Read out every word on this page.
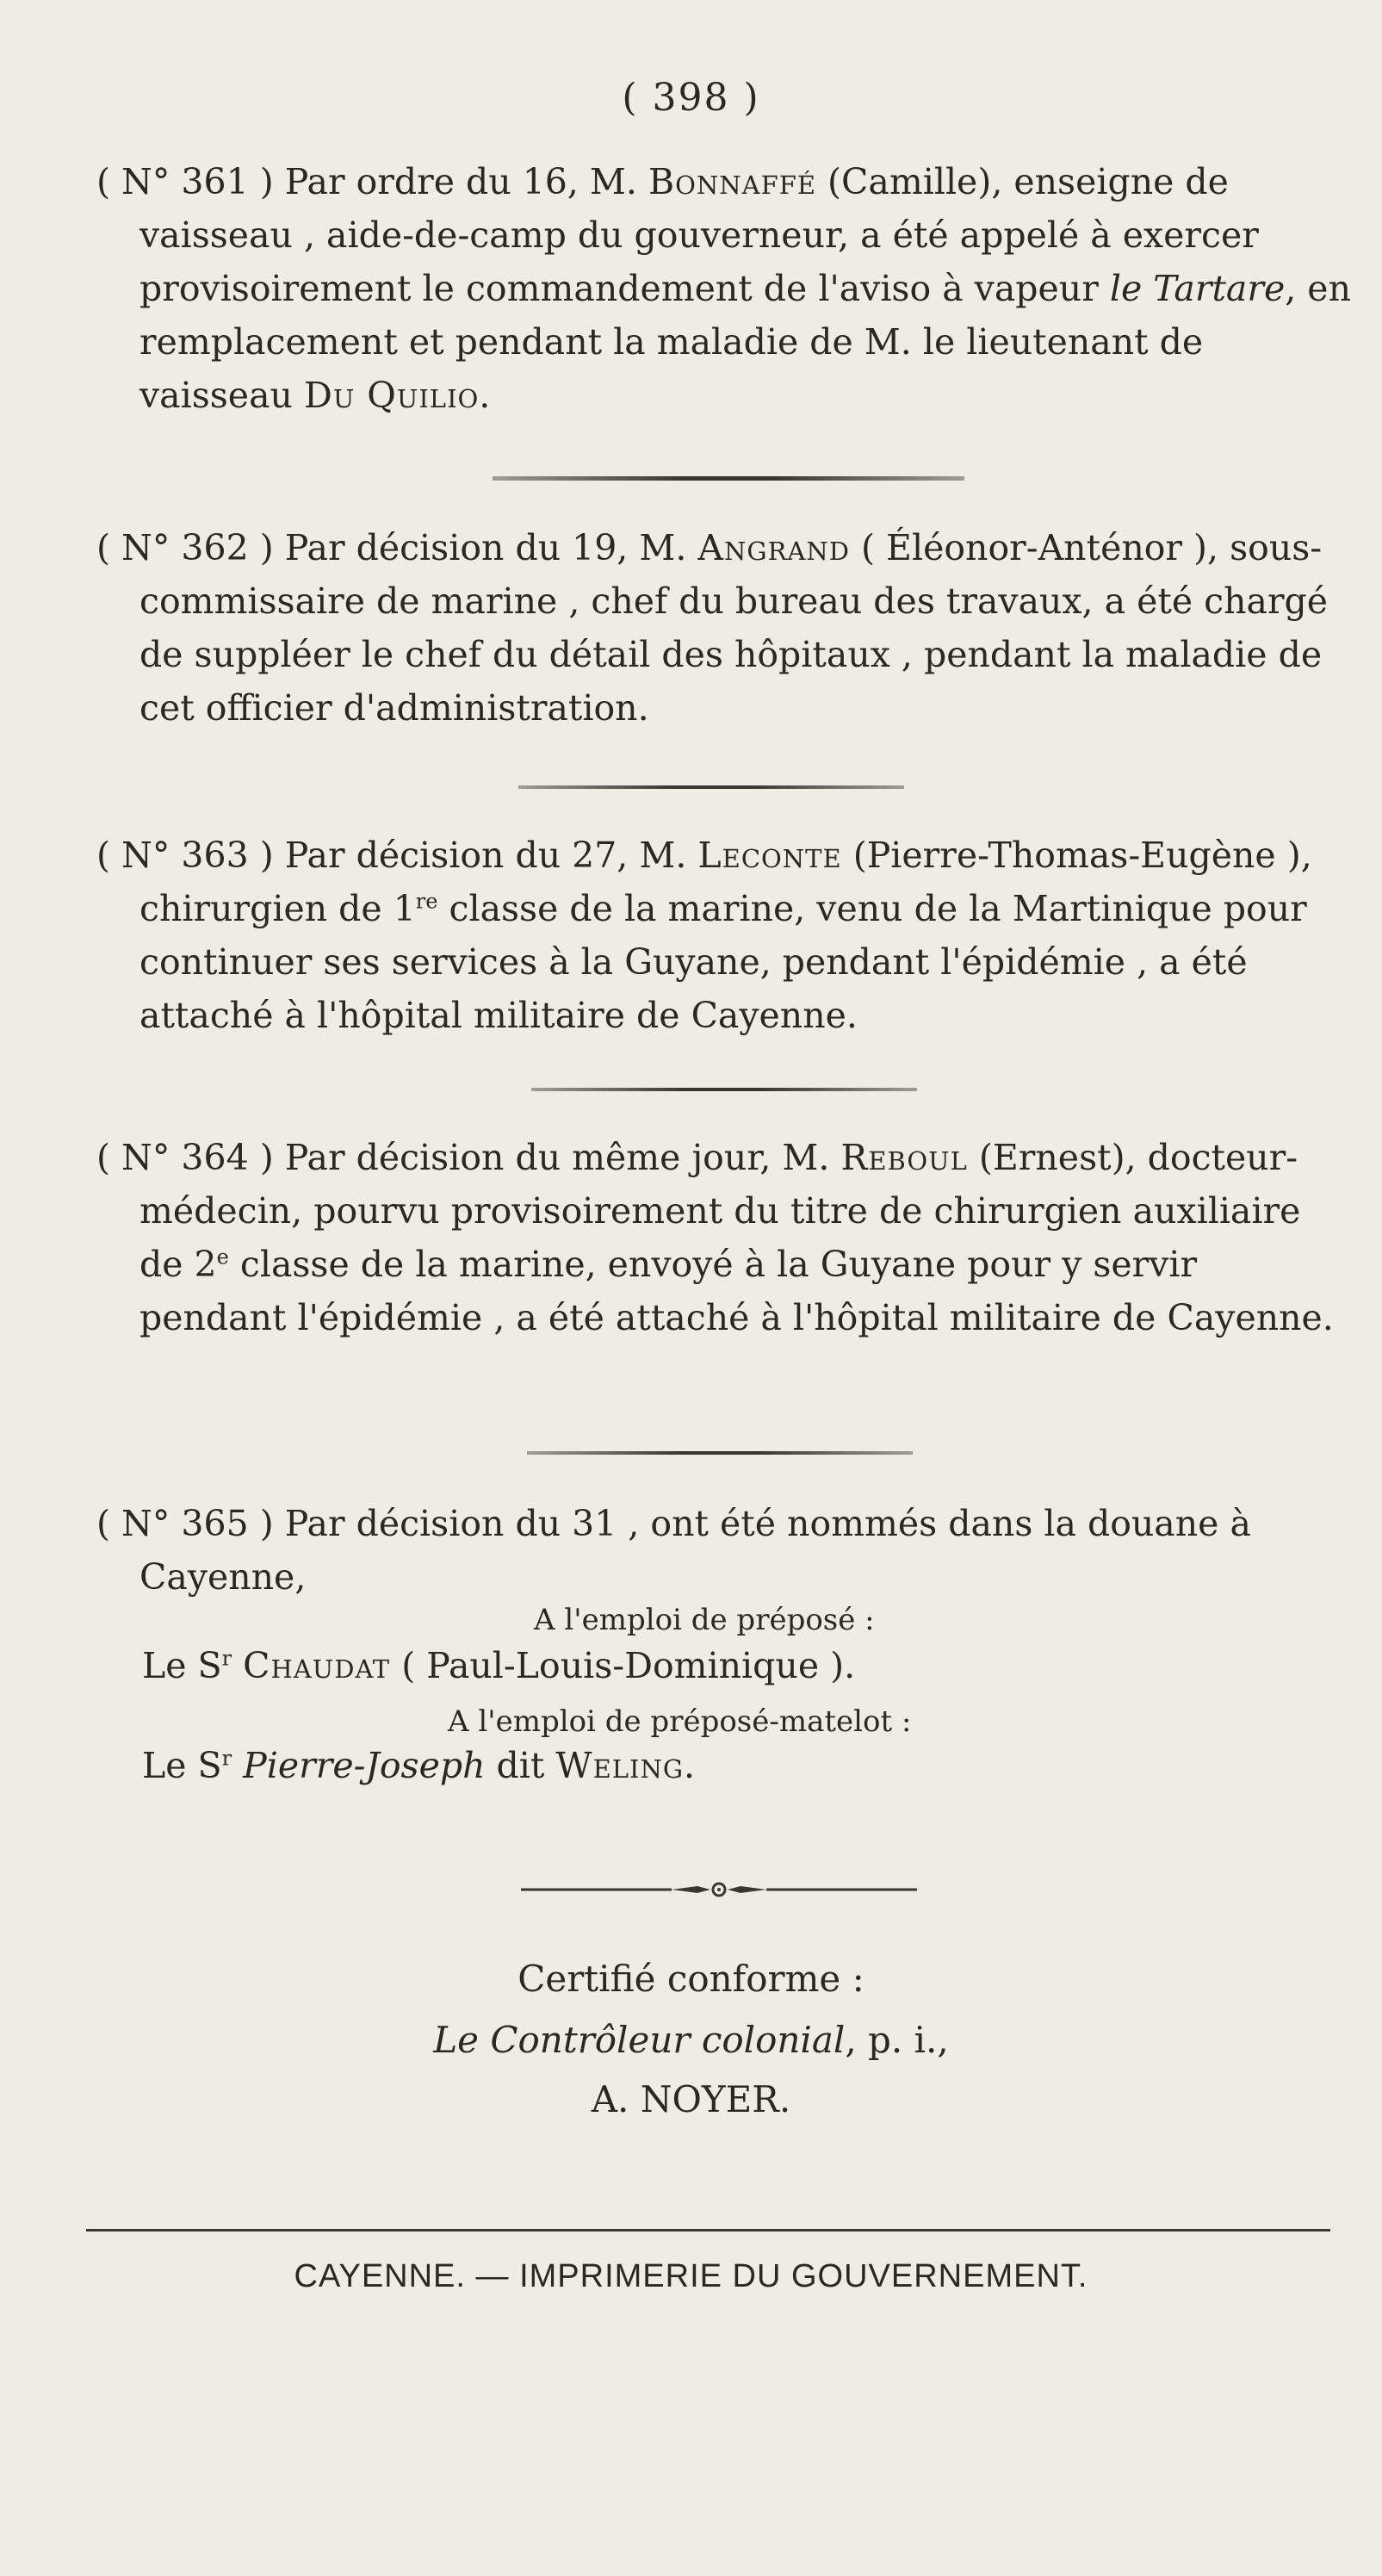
( 398 )

( N° 361 ) Par ordre du 16, M. Bonnaffé (Camille), enseigne de vaisseau , aide-de-camp du gouverneur, a été appelé à exercer provisoirement le commandement de l'aviso à vapeur le Tartare, en remplacement et pendant la maladie de M. le lieutenant de vaisseau Du Quilio.

( N° 362 ) Par décision du 19, M. Angrand ( Éléonor-Anténor ), sous-commissaire de marine , chef du bureau des travaux, a été chargé de suppléer le chef du détail des hôpitaux , pendant la maladie de cet officier d'administration.

( N° 363 ) Par décision du 27, M. Leconte (Pierre-Thomas-Eugène ), chirurgien de 1re classe de la marine, venu de la Martinique pour continuer ses services à la Guyane, pendant l'épidémie , a été attaché à l'hôpital militaire de Cayenne.

( N° 364 ) Par décision du même jour, M. Reboul (Ernest), docteur-médecin, pourvu provisoirement du titre de chirurgien auxiliaire de 2e classe de la marine, envoyé à la Guyane pour y servir pendant l'épidémie , a été attaché à l'hôpital militaire de Cayenne.

( N° 365 ) Par décision du 31 , ont été nommés dans la douane à Cayenne,

A l'emploi de préposé :
Le $S^r$ Chaudat ( Paul-Louis-Dominique ).
A l'emploi de préposé-matelot :
Le $S^r$ Pierre-Joseph dit Weling.
Certifié conforme :
Le Contrôleur colonial, p. i.,
A. NOYER.
CAYENNE. — IMPRIMERIE DU GOUVERNEMENT.
